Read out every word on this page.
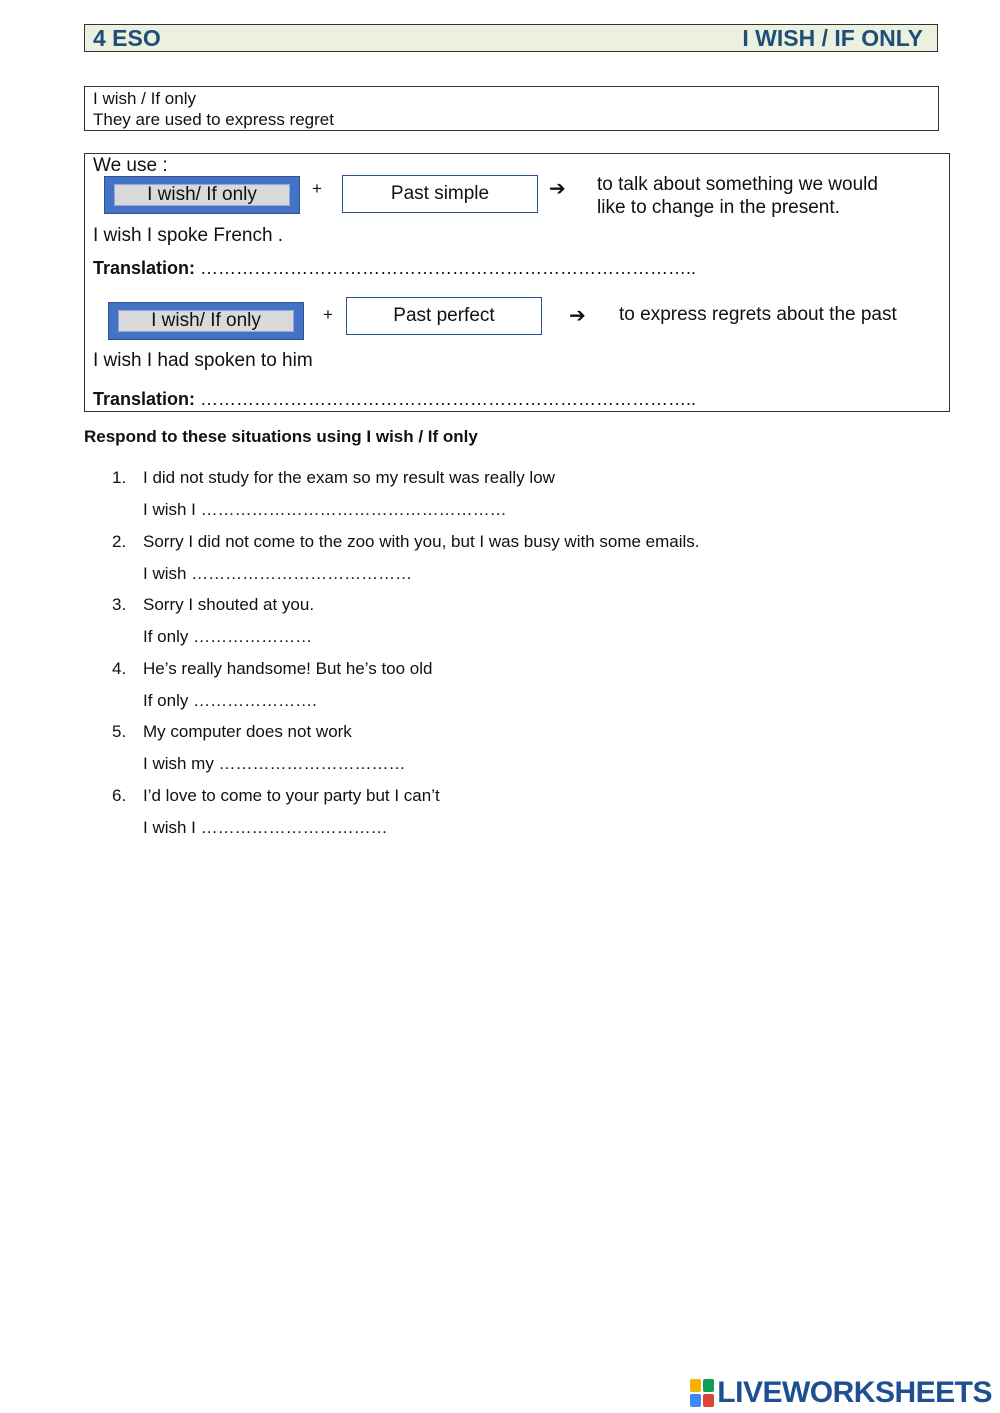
4 ESO	I WISH / IF ONLY
I wish / If only
They are used to express regret
We use :
I wish/ If only	+	Past simple	➔ to talk about something we would
like to change in the present.
I wish I spoke French .
Translation: ………………………………………………………………………..
I wish/ If only	+	Past perfect	➔ to express regrets about the past
I wish I had spoken to him
Translation: ………………………………………………………………………..
Respond to these situations using I wish / If only
1. I did not study for the exam so my result was really low
I wish I ………………………………………………
2. Sorry I did not come to the zoo with you, but I was busy with some emails.
I wish …………………………………
3. Sorry I shouted at you.
If only …………………
4. He’s really handsome! But he’s too old
If only ………………….
5. My computer does not work
I wish my ……………………………
6. I’d love to come to your party but I can’t
I wish I ……………………………
LIVEWORKSHEETS
